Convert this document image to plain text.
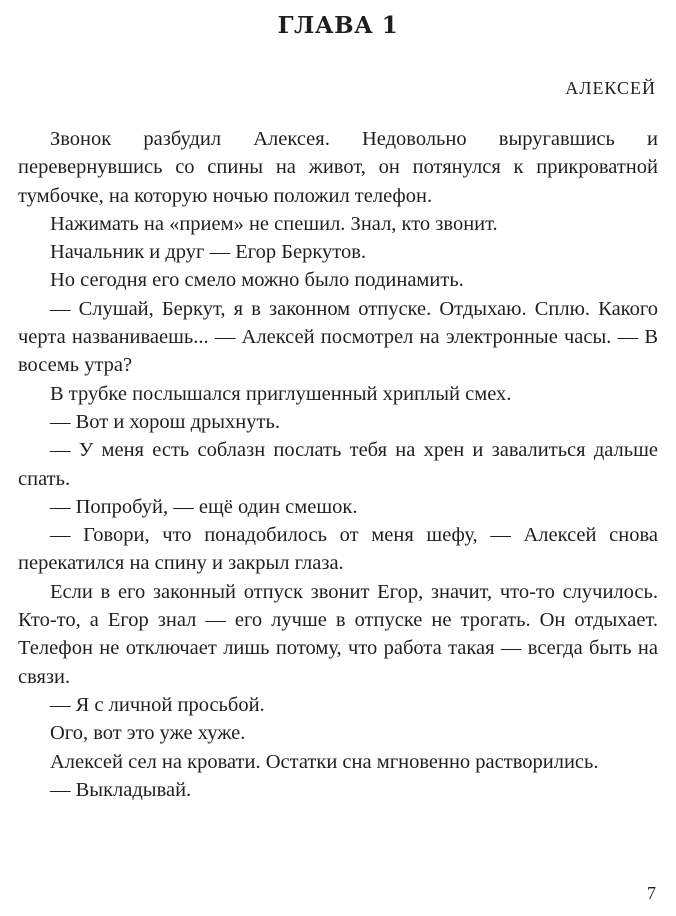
ГЛАВА 1
АЛЕКСЕЙ

Звонок разбудил Алексея. Недовольно выругавшись и перевернувшись со спины на живот, он потянулся к прикроватной тумбочке, на которую ночью положил телефон.

Нажимать на «прием» не спешил. Знал, кто звонит.

Начальник и друг — Егор Беркутов.

Но сегодня его смело можно было подинамить.

— Слушай, Беркут, я в законном отпуске. Отдыхаю. Сплю. Какого черта названиваешь... — Алексей посмотрел на электронные часы. — В восемь утра?

В трубке послышался приглушенный хриплый смех.

— Вот и хорош дрыхнуть.

— У меня есть соблазн послать тебя на хрен и завалиться дальше спать.

— Попробуй, — ещё один смешок.

— Говори, что понадобилось от меня шефу, — Алексей снова перекатился на спину и закрыл глаза.

Если в его законный отпуск звонит Егор, значит, что-то случилось. Кто-то, а Егор знал — его лучше в отпуске не трогать. Он отдыхает. Телефон не отключает лишь потому, что работа такая — всегда быть на связи.

— Я с личной просьбой.

Ого, вот это уже хуже.

Алексей сел на кровати. Остатки сна мгновенно растворились.

— Выкладывай.

7
